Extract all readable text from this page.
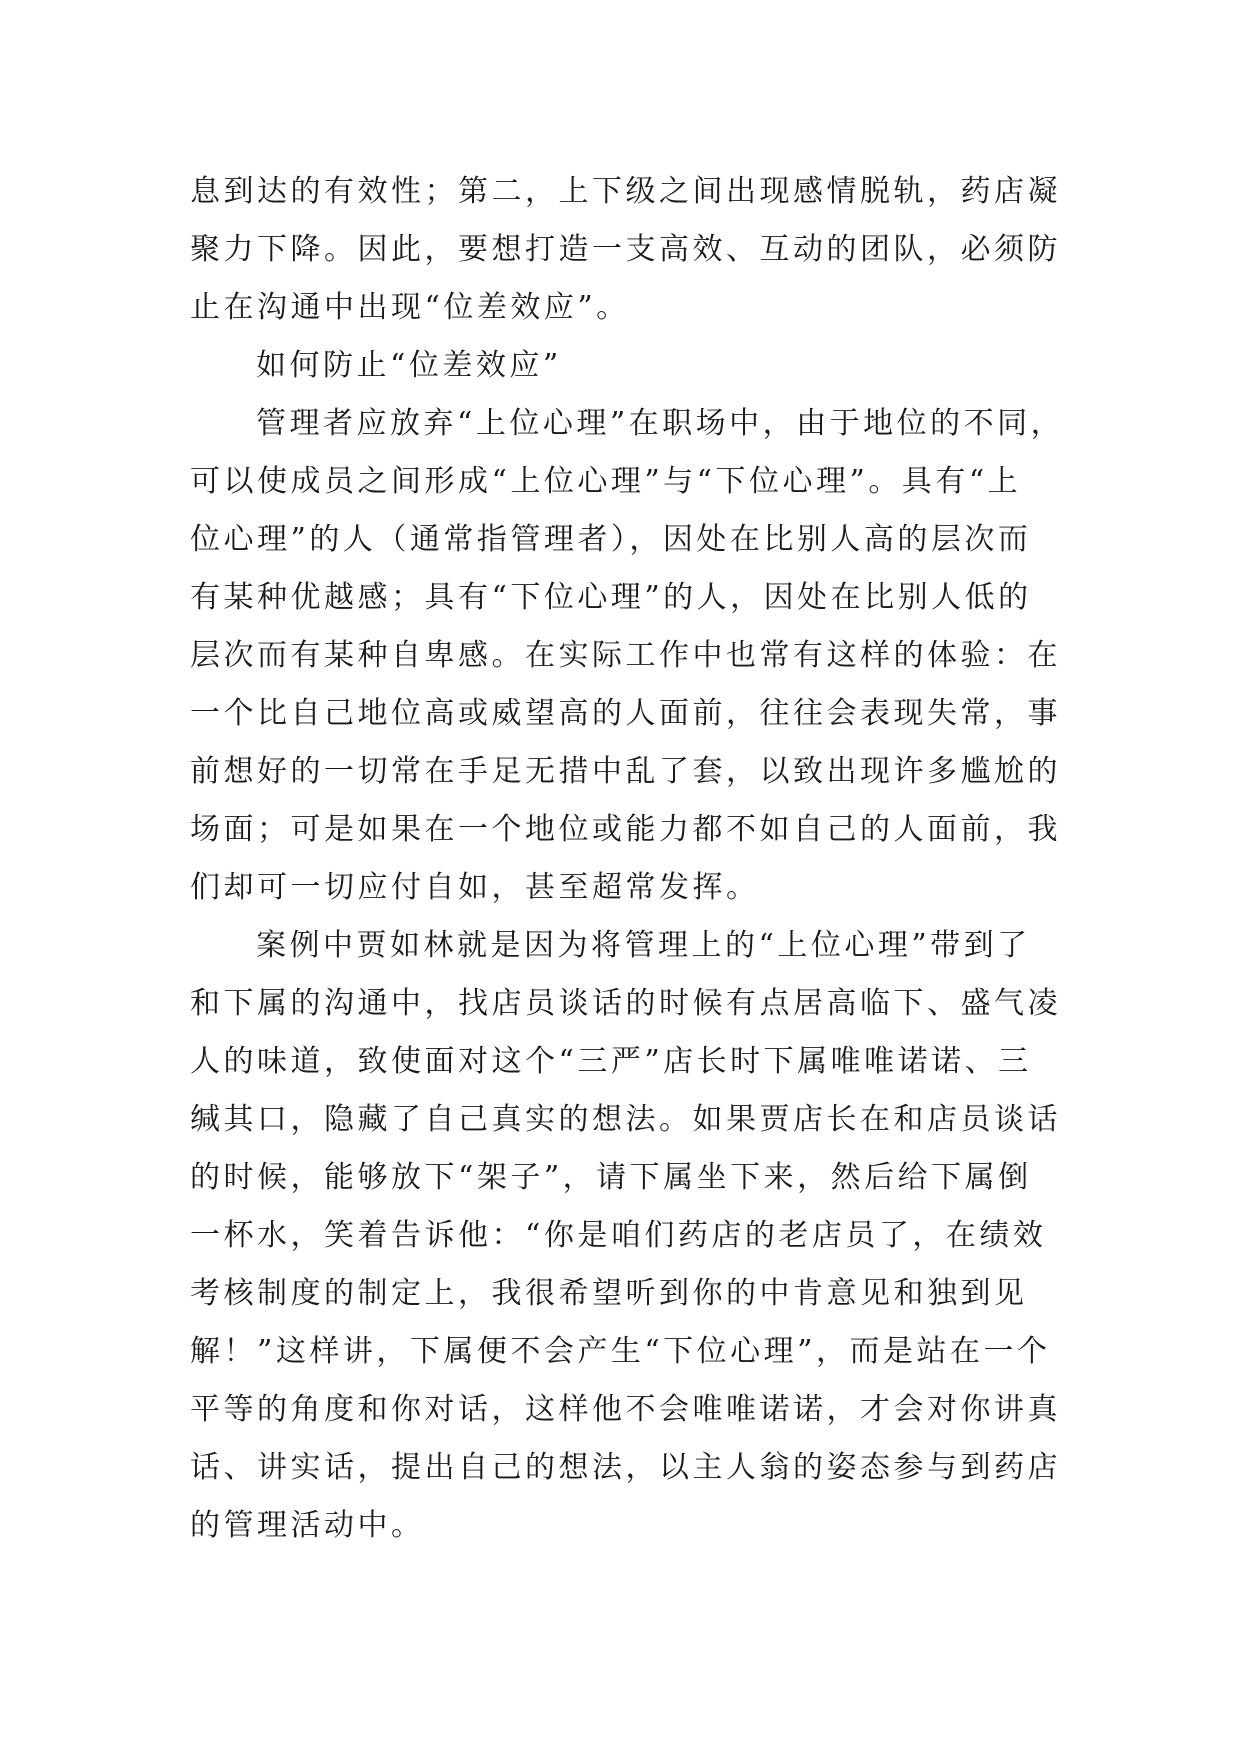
息到达的有效性；第二，上下级之间出现感情脱轨，药店凝
聚力下降。因此，要想打造一支高效、互动的团队，必须防
止在沟通中出现“位差效应”。
如何防止“位差效应”
管理者应放弃“上位心理”在职场中，由于地位的不同，
可以使成员之间形成“上位心理”与“下位心理”。具有“上
位心理”的人（通常指管理者），因处在比别人高的层次而
有某种优越感；具有“下位心理”的人，因处在比别人低的
层次而有某种自卑感。在实际工作中也常有这样的体验：在
一个比自己地位高或威望高的人面前，往往会表现失常，事
前想好的一切常在手足无措中乱了套，以致出现许多尴尬的
场面；可是如果在一个地位或能力都不如自己的人面前，我
们却可一切应付自如，甚至超常发挥。
案例中贾如林就是因为将管理上的“上位心理”带到了
和下属的沟通中，找店员谈话的时候有点居高临下、盛气凌
人的味道，致使面对这个“三严”店长时下属唯唯诺诺、三
缄其口，隐藏了自己真实的想法。如果贾店长在和店员谈话
的时候，能够放下“架子”，请下属坐下来，然后给下属倒
一杯水，笑着告诉他：“你是咱们药店的老店员了，在绩效
考核制度的制定上，我很希望听到你的中肯意见和独到见
解！”这样讲，下属便不会产生“下位心理”，而是站在一个
平等的角度和你对话，这样他不会唯唯诺诺，才会对你讲真
话、讲实话，提出自己的想法，以主人翁的姿态参与到药店
的管理活动中。
